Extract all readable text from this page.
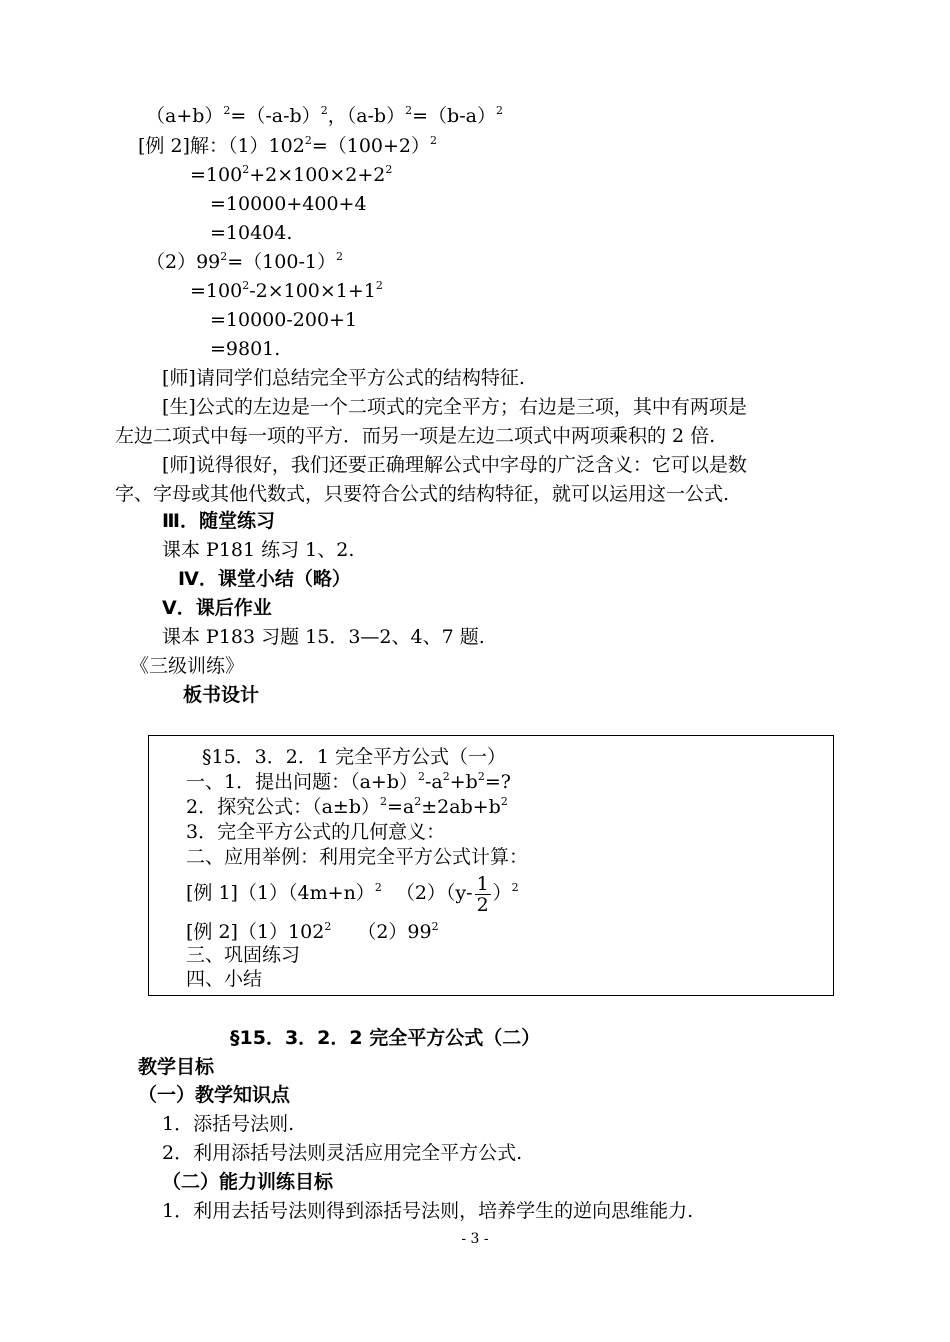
$(a+b)^2=(-a-b)^2$，$(a-b)^2=(b-a)^2$
[例 2]解：$(1)102^2=(100+2)^2$
$=100^2+2\times 100\times 2+2^2$
=10000+400+4
=10404.
$(2)99^2=(100-1)^2$
$=100^2-2\times 100\times 1+1^2$
=10000-200+1
=9801.
[师]请同学们总结完全平方公式的结构特征.
[生]公式的左边是一个二项式的完全平方；右边是三项，其中有两项是
左边二项式中每一项的平方．而另一项是左边二项式中两项乘积的 2 倍.
[师]说得很好，我们还要正确理解公式中字母的广泛含义：它可以是数
字、字母或其他代数式，只要符合公式的结构特征，就可以运用这一公式.
Ⅲ．随堂练习
课本 P181 练习 1、2.
Ⅳ．课堂小结（略）
Ⅴ．课后作业
课本 P183 习题 15．3—2、4、7 题.
《三级训练》
板书设计
§15．3．2．1 完全平方公式（一）
一、1．提出问题：$(a+b)^2-a^2+b^2=$?
2．探究公式：$(a\pm b)^2=a^2\pm 2ab+b^2$
3．完全平方公式的几何意义：
二、应用举例：利用完全平方公式计算：
[例 $1](1)(4m+n)^2$ $(2)(y- \frac{1}{2} )^2$
[例 $2](1)102^2$ $(2)99^2$
三、巩固练习
四、小结
§15．3．2．2 完全平方公式（二）
教学目标
（一）教学知识点
1．添括号法则.
2．利用添括号法则灵活应用完全平方公式.
（二）能力训练目标
1．利用去括号法则得到添括号法则，培养学生的逆向思维能力.
- 3 -
